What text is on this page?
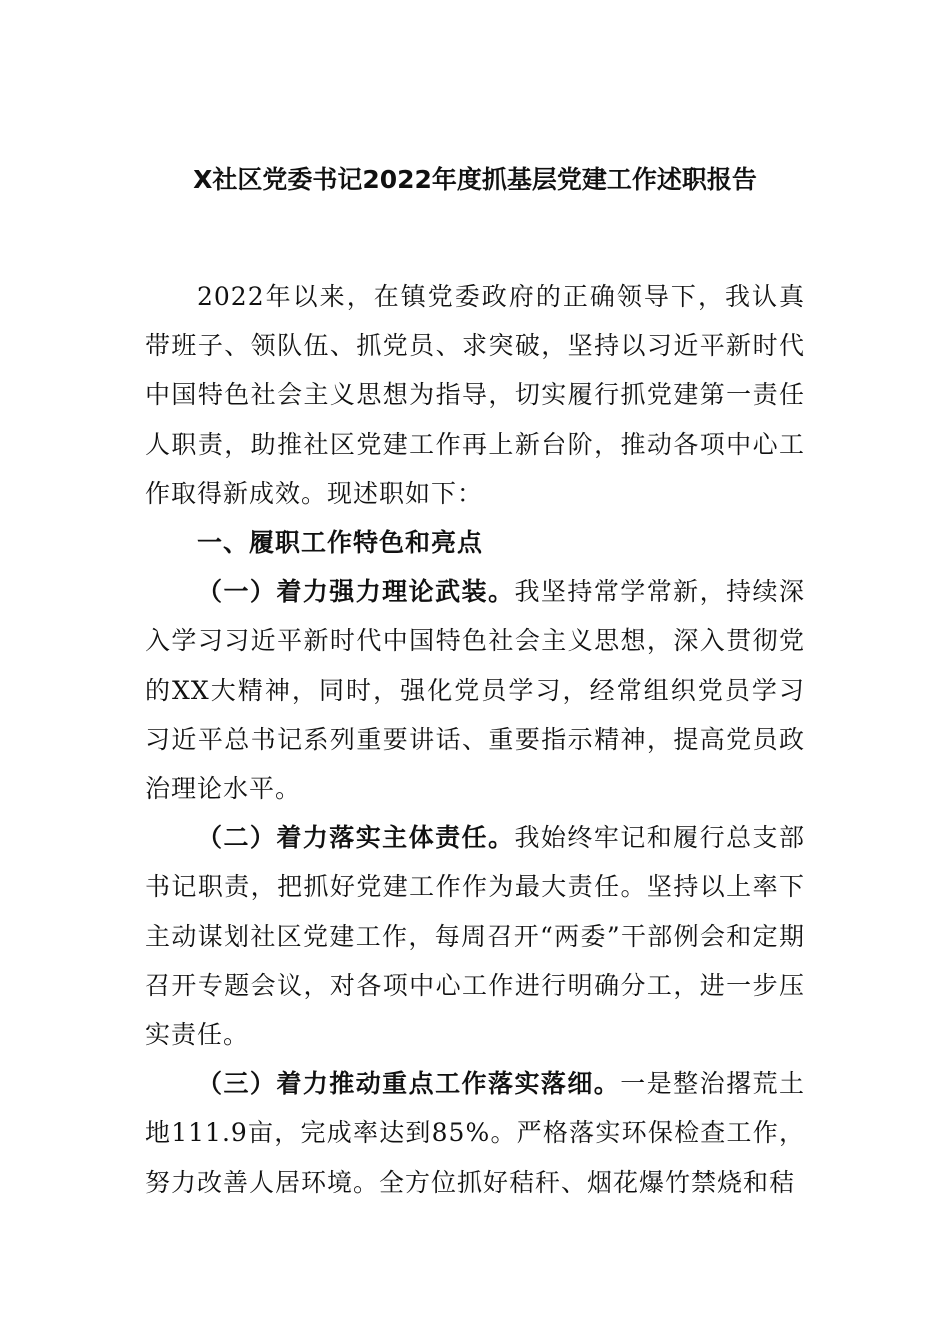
X社区党委书记2022年度抓基层党建工作述职报告

2022年以来，在镇党委政府的正确领导下，我认真带班子、领队伍、抓党员、求突破，坚持以习近平新时代中国特色社会主义思想为指导，切实履行抓党建第一责任人职责，助推社区党建工作再上新台阶，推动各项中心工作取得新成效。现述职如下：

一、履职工作特色和亮点

（一）着力强力理论武装。我坚持常学常新，持续深入学习习近平新时代中国特色社会主义思想，深入贯彻党的XX大精神，同时，强化党员学习，经常组织党员学习习近平总书记系列重要讲话、重要指示精神，提高党员政治理论水平。

（二）着力落实主体责任。我始终牢记和履行总支部书记职责，把抓好党建工作作为最大责任。坚持以上率下主动谋划社区党建工作，每周召开“两委”干部例会和定期召开专题会议，对各项中心工作进行明确分工，进一步压实责任。

（三）着力推动重点工作落实落细。一是整治撂荒土地111.9亩，完成率达到85%。严格落实环保检查工作，努力改善人居环境。全方位抓好秸秆、烟花爆竹禁烧和秸
